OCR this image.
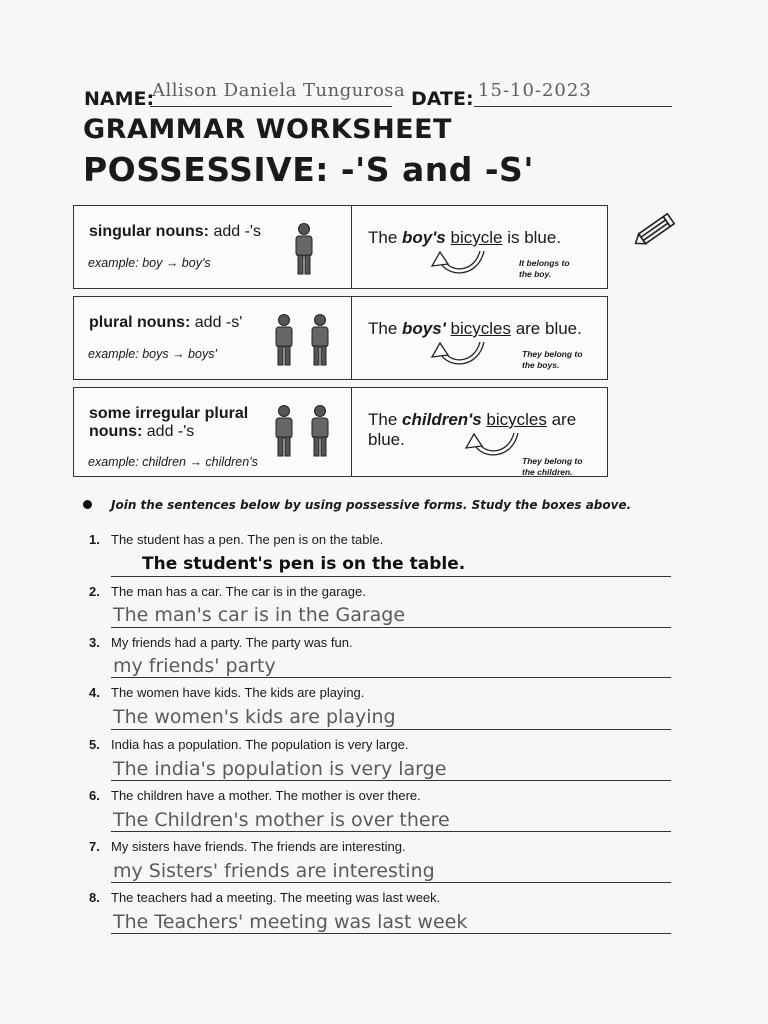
NAME:
Allison Daniela Tungurosa DATE: 15-10-2023
GRAMMAR WORKSHEET
POSSESSIVE: -'S and -S'
singular nouns: add -'s
example: boy → boy's
The boy's bicycle is blue.
It belongs to
the boy.
plural nouns: add -s'
example: boys → boys'
The boys' bicycles are blue.
They belong to
the boys.
some irregular plural
nouns: add -'s
example: children → children's
The children's bicycles are
blue.
They belong to
the children.
Join the sentences below by using possessive forms. Study the boxes above.
1. The student has a pen. The pen is on the table.
The student's pen is on the table.
2. The man has a car. The car is in the garage.
The man's car is in the Garage
3. My friends had a party. The party was fun.
my friends' party
4. The women have kids. The kids are playing.
The women's kids are playing
5. India has a population. The population is very large.
The india's population is very large
6. The children have a mother. The mother is over there.
The Children's mother is over there
7. My sisters have friends. The friends are interesting.
my Sisters' friends are interesting
8. The teachers had a meeting. The meeting was last week.
The Teachers' meeting was last week
